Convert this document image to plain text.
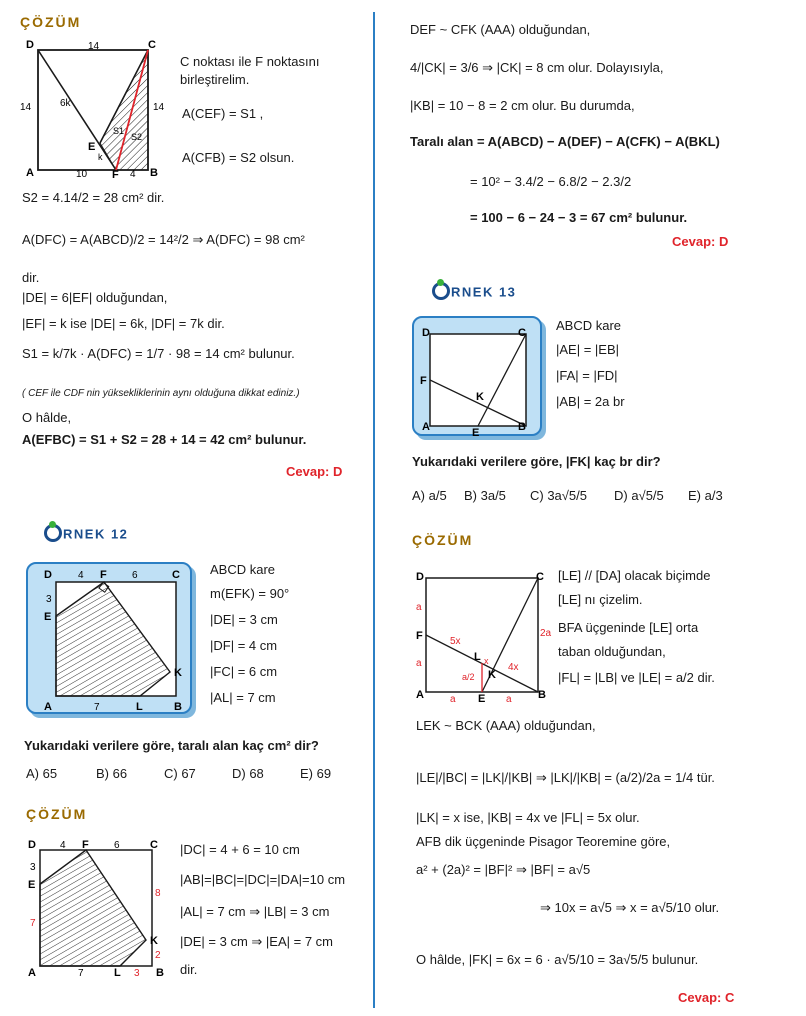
ÇÖZÜM
D	C
A	B
E
F
14
14	14
10	4
6k
k
S1
S2
C noktası ile F noktasını
birleştirelim.
A(CEF) = S1 ,
A(CFB) = S2 olsun.
S2 = 4.14/2 = 28 cm² dir.
A(DFC) = A(ABCD)/2 = 14²/2 ⇒ A(DFC) = 98 cm²
dir.
|DE| = 6|EF| olduğundan,
|EF| = k ise |DE| = 6k, |DF| = 7k dir.
S1 = k/7k · A(DFC) = 1/7 · 98 = 14 cm² bulunur.
( CEF ile CDF nin yüksekliklerinin aynı olduğuna dikkat ediniz.)
O hâlde,
A(EFBC) = S1 + S2 = 28 + 14 = 42 cm² bulunur.
Cevap: D
RNEK 12
D	F	C
E
A	L	B
K
4	6
3
7
ABCD kare
m(EFK) = 90°
|DE| = 3 cm
|DF| = 4 cm
|FC| = 6 cm
|AL| = 7 cm
Yukarıdaki verilere göre, taralı alan kaç cm² dir?
A) 65	B) 66	C) 67	D) 68	E) 69
ÇÖZÜM
D	F	C
E
A	L	B
K
4	6
3
7
7	3
8
2
|DC| = 4 + 6 = 10 cm
|AB|=|BC|=|DC|=|DA|=10 cm
|AL| = 7 cm ⇒ |LB| = 3 cm
|DE| = 3 cm ⇒ |EA| = 7 cm
dir.
DEF ~ CFK (AAA) olduğundan,
4/|CK| = 3/6 ⇒ |CK| = 8 cm olur. Dolayısıyla,
|KB| = 10 − 8 = 2 cm olur. Bu durumda,
Taralı alan = A(ABCD) − A(DEF) − A(CFK) − A(BKL)
= 10² − 3.4/2 − 6.8/2 − 2.3/2
= 100 − 6 − 24 − 3 = 67 cm² bulunur.
Cevap: D
RNEK 13
D	C
F
K
A	E	B
ABCD kare
|AE| = |EB|
|FA| = |FD|
|AB| = 2a br
Yukarıdaki verilere göre, |FK| kaç br dir?
A) a/5 B) 3a/5 C) 3a√5/5 D) a√5/5 E) a/3
ÇÖZÜM
D	C
F
L
K
A	E	B
a
a
a	a
2a
5x
4x
x
a/2
[LE] // [DA] olacak biçimde
[LE] nı çizelim.
BFA üçgeninde [LE] orta
taban olduğundan,
|FL| = |LB| ve |LE| = a/2 dir.
LEK ~ BCK (AAA) olduğundan,
|LE|/|BC| = |LK|/|KB| ⇒ |LK|/|KB| = (a/2)/2a = 1/4 tür.
|LK| = x ise, |KB| = 4x ve |FL| = 5x olur.
AFB dik üçgeninde Pisagor Teoremine göre,
a² + (2a)² = |BF|² ⇒ |BF| = a√5
⇒ 10x = a√5 ⇒ x = a√5/10 olur.
O hâlde, |FK| = 6x = 6 · a√5/10 = 3a√5/5 bulunur.
Cevap: C
